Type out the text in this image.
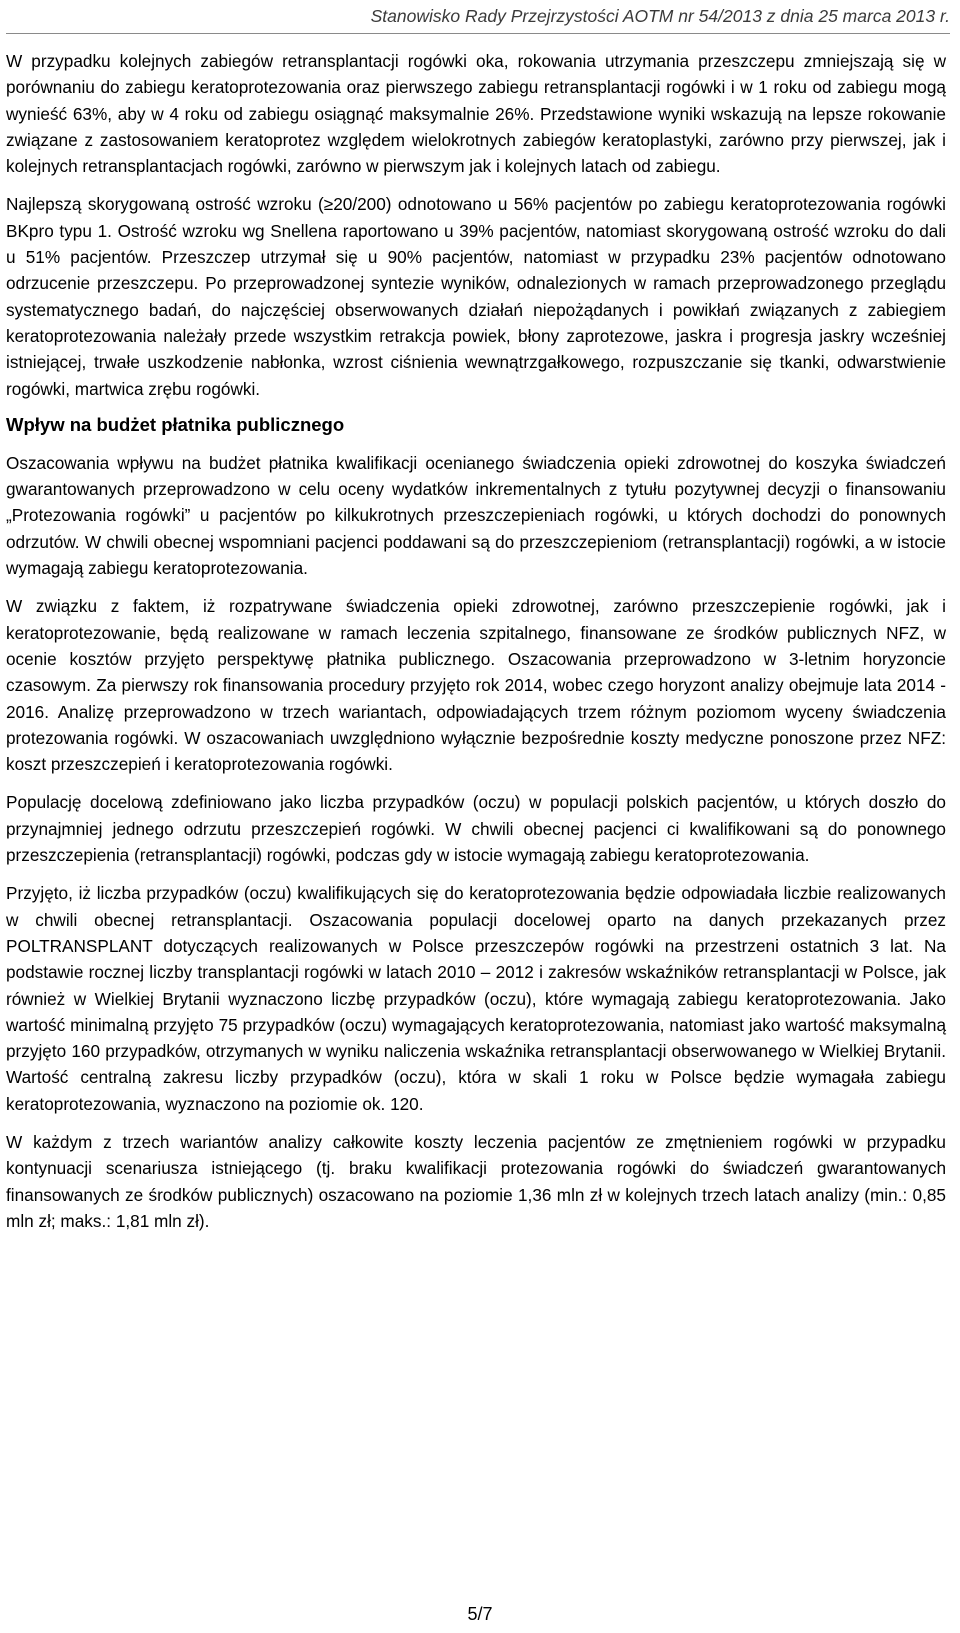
Stanowisko Rady Przejrzystości AOTM nr 54/2013 z dnia 25 marca 2013 r.

W przypadku kolejnych zabiegów retransplantacji rogówki oka, rokowania utrzymania przeszczepu zmniejszają się w porównaniu do zabiegu keratoprotezowania oraz pierwszego zabiegu retransplantacji rogówki i w 1 roku od zabiegu mogą wynieść 63%, aby w 4 roku od zabiegu osiągnąć maksymalnie 26%. Przedstawione wyniki wskazują na lepsze rokowanie związane z zastosowaniem keratoprotez względem wielokrotnych zabiegów keratoplastyki, zarówno przy pierwszej, jak i kolejnych retransplantacjach rogówki, zarówno w pierwszym jak i kolejnych latach od zabiegu.

Najlepszą skorygowaną ostrość wzroku (≥20/200) odnotowano u 56% pacjentów po zabiegu keratoprotezowania rogówki BKpro typu 1. Ostrość wzroku wg Snellena raportowano u 39% pacjentów, natomiast skorygowaną ostrość wzroku do dali u 51% pacjentów. Przeszczep utrzymał się u 90% pacjentów, natomiast w przypadku 23% pacjentów odnotowano odrzucenie przeszczepu. Po przeprowadzonej syntezie wyników, odnalezionych w ramach przeprowadzonego przeglądu systematycznego badań, do najczęściej obserwowanych działań niepożądanych i powikłań związanych z zabiegiem keratoprotezowania należały przede wszystkim retrakcja powiek, błony zaprotezowe, jaskra i progresja jaskry wcześniej istniejącej, trwałe uszkodzenie nabłonka, wzrost ciśnienia wewnątrzgałkowego, rozpuszczanie się tkanki, odwarstwienie rogówki, martwica zrębu rogówki.

Wpływ na budżet płatnika publicznego

Oszacowania wpływu na budżet płatnika kwalifikacji ocenianego świadczenia opieki zdrowotnej do koszyka świadczeń gwarantowanych przeprowadzono w celu oceny wydatków inkrementalnych z tytułu pozytywnej decyzji o finansowaniu „Protezowania rogówki” u pacjentów po kilkukrotnych przeszczepieniach rogówki, u których dochodzi do ponownych odrzutów. W chwili obecnej wspomniani pacjenci poddawani są do przeszczepieniom (retransplantacji) rogówki, a w istocie wymagają zabiegu keratoprotezowania.

W związku z faktem, iż rozpatrywane świadczenia opieki zdrowotnej, zarówno przeszczepienie rogówki, jak i keratoprotezowanie, będą realizowane w ramach leczenia szpitalnego, finansowane ze środków publicznych NFZ, w ocenie kosztów przyjęto perspektywę płatnika publicznego. Oszacowania przeprowadzono w 3-letnim horyzoncie czasowym. Za pierwszy rok finansowania procedury przyjęto rok 2014, wobec czego horyzont analizy obejmuje lata 2014 - 2016. Analizę przeprowadzono w trzech wariantach, odpowiadających trzem różnym poziomom wyceny świadczenia protezowania rogówki. W oszacowaniach uwzględniono wyłącznie bezpośrednie koszty medyczne ponoszone przez NFZ: koszt przeszczepień i keratoprotezowania rogówki.

Populację docelową zdefiniowano jako liczba przypadków (oczu) w populacji polskich pacjentów, u których doszło do przynajmniej jednego odrzutu przeszczepień rogówki. W chwili obecnej pacjenci ci kwalifikowani są do ponownego przeszczepienia (retransplantacji) rogówki, podczas gdy w istocie wymagają zabiegu keratoprotezowania.

Przyjęto, iż liczba przypadków (oczu) kwalifikujących się do keratoprotezowania będzie odpowiadała liczbie realizowanych w chwili obecnej retransplantacji. Oszacowania populacji docelowej oparto na danych przekazanych przez POLTRANSPLANT dotyczących realizowanych w Polsce przeszczepów rogówki na przestrzeni ostatnich 3 lat. Na podstawie rocznej liczby transplantacji rogówki w latach 2010 – 2012 i zakresów wskaźników retransplantacji w Polsce, jak również w Wielkiej Brytanii wyznaczono liczbę przypadków (oczu), które wymagają zabiegu keratoprotezowania. Jako wartość minimalną przyjęto 75 przypadków (oczu) wymagających keratoprotezowania, natomiast jako wartość maksymalną przyjęto 160 przypadków, otrzymanych w wyniku naliczenia wskaźnika retransplantacji obserwowanego w Wielkiej Brytanii. Wartość centralną zakresu liczby przypadków (oczu), która w skali 1 roku w Polsce będzie wymagała zabiegu keratoprotezowania, wyznaczono na poziomie ok. 120.

W każdym z trzech wariantów analizy całkowite koszty leczenia pacjentów ze zmętnieniem rogówki w przypadku kontynuacji scenariusza istniejącego (tj. braku kwalifikacji protezowania rogówki do świadczeń gwarantowanych finansowanych ze środków publicznych) oszacowano na poziomie 1,36 mln zł w kolejnych trzech latach analizy (min.: 0,85 mln zł; maks.: 1,81 mln zł).

5/7
